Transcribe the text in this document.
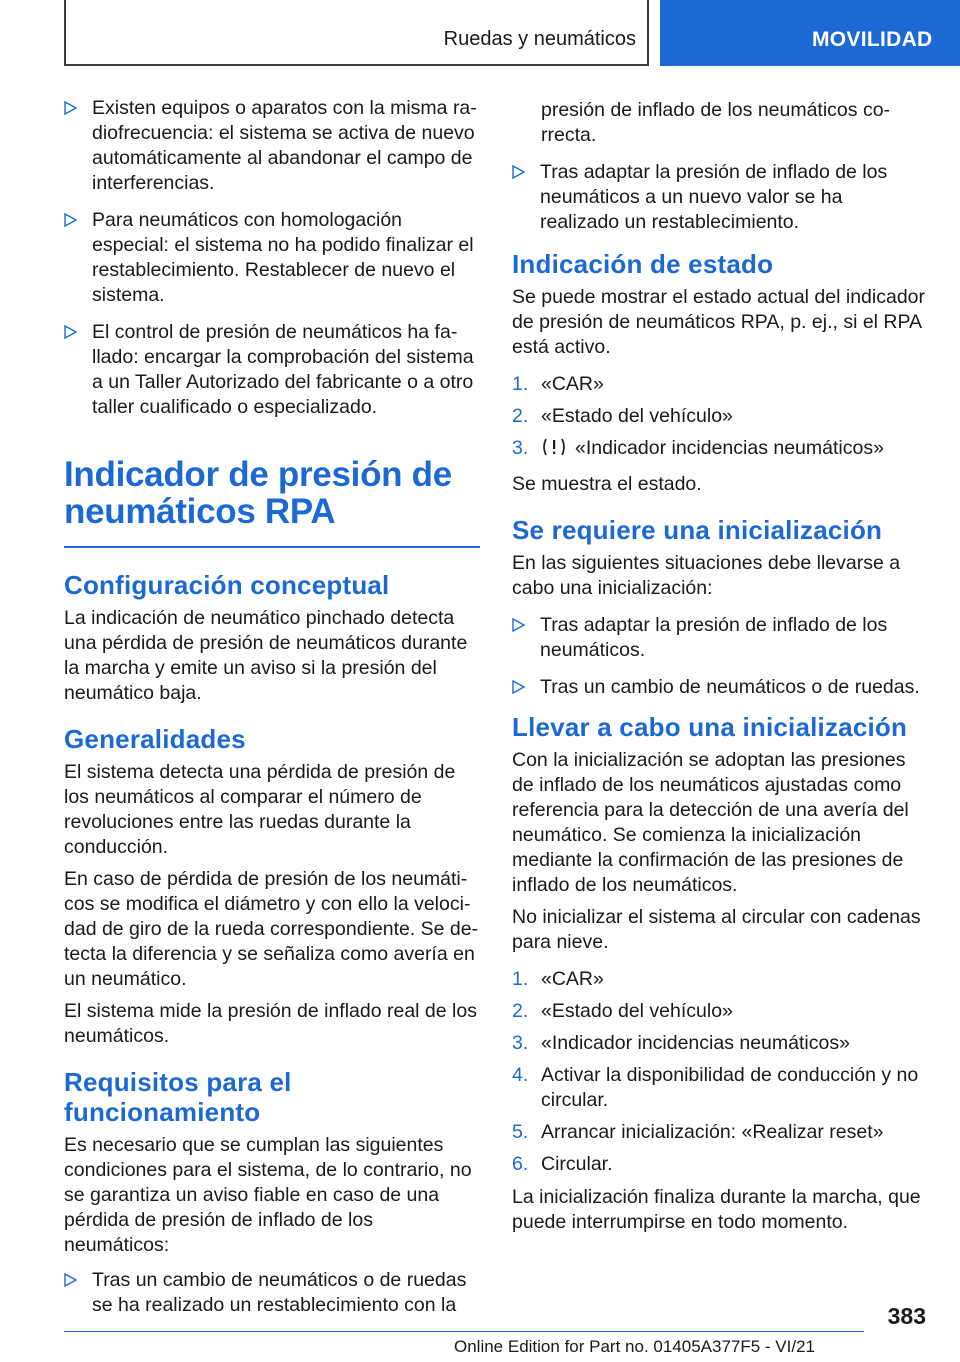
Ruedas y neumáticos	MOVILIDAD
Existen equipos o aparatos con la misma radiofrecuencia: el sistema se activa de nuevo automáticamente al abandonar el campo de interferencias.
Para neumáticos con homologación especial: el sistema no ha podido finalizar el restablecimiento. Restablecer de nuevo el sistema.
El control de presión de neumáticos ha fallado: encargar la comprobación del sistema a un Taller Autorizado del fabricante o a otro taller cualificado o especializado.
Indicador de presión de neumáticos RPA
Configuración conceptual

La indicación de neumático pinchado detecta una pérdida de presión de neumáticos durante la marcha y emite un aviso si la presión del neumático baja.

Generalidades

El sistema detecta una pérdida de presión de los neumáticos al comparar el número de revoluciones entre las ruedas durante la conducción.

En caso de pérdida de presión de los neumáticos se modifica el diámetro y con ello la velocidad de giro de la rueda correspondiente. Se detecta la diferencia y se señaliza como avería en un neumático.

El sistema mide la presión de inflado real de los neumáticos.

Requisitos para el funcionamiento

Es necesario que se cumplan las siguientes condiciones para el sistema, de lo contrario, no se garantiza un aviso fiable en caso de una pérdida de presión de inflado de los neumáticos:

Tras un cambio de neumáticos o de ruedas se ha realizado un restablecimiento con la

presión de inflado de los neumáticos correcta.

Tras adaptar la presión de inflado de los neumáticos a un nuevo valor se ha realizado un restablecimiento.
Indicación de estado

Se puede mostrar el estado actual del indicador de presión de neumáticos RPA, p. ej., si el RPA está activo.

1. «CAR»
2. «Estado del vehículo»
3. «Indicador incidencias neumáticos»

Se muestra el estado.

Se requiere una inicialización

En las siguientes situaciones debe llevarse a cabo una inicialización:

Tras adaptar la presión de inflado de los neumáticos.
Tras un cambio de neumáticos o de ruedas.
Llevar a cabo una inicialización

Con la inicialización se adoptan las presiones de inflado de los neumáticos ajustadas como referencia para la detección de una avería del neumático. Se comienza la inicialización mediante la confirmación de las presiones de inflado de los neumáticos.

No inicializar el sistema al circular con cadenas para nieve.

1. «CAR»
2. «Estado del vehículo»
3. «Indicador incidencias neumáticos»
4. Activar la disponibilidad de conducción y no circular.
5. Arrancar inicialización: «Realizar reset»
6. Circular.

La inicialización finaliza durante la marcha, que puede interrumpirse en todo momento.

383
Online Edition for Part no. 01405A377F5 - VI/21
